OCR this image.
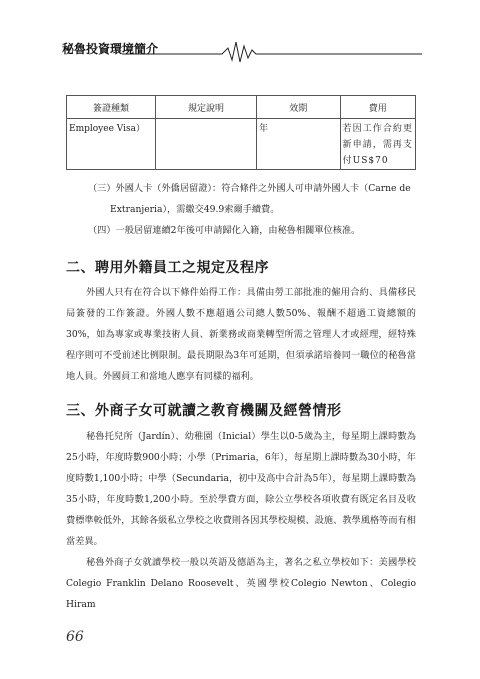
秘魯投資環境簡介
簽證種類	規定說明	效期	費用
Employee Visa）		年	若因工作合約更新申請，需再支付US$70
（三）外國人卡（外僑居留證）：符合條件之外國人可申請外國人卡（Carne de
Extranjeria），需繳交49.9索爾手續費。
（四）一般居留連續2年後可申請歸化入籍，由秘魯相關單位核准。
二、聘用外籍員工之規定及程序

外國人只有在符合以下條件始得工作：具備由勞工部批准的僱用合約、具備移民局簽發的工作簽證。外國人數不應超過公司總人數50%、報酬不超過工資總額的30%，如為專家或專業技術人員、新業務或商業轉型所需之管理人才或經理，經特殊程序則可不受前述比例限制。最長期限為3年可延期，但須承諾培養同一職位的秘魯當地人員。外國員工和當地人應享有同樣的福利。

三、外商子女可就讀之教育機關及經營情形

秘魯托兒所（Jardín）、幼稚園（Inicial）學生以0-5歲為主，每星期上課時數為25小時，年度時數900小時；小學（Primaria，6年），每星期上課時數為30小時，年度時數1,100小時；中學（Secundaria，初中及高中合計為5年），每星期上課時數為35小時，年度時數1,200小時。至於學費方面，除公立學校各項收費有既定名目及收費標準較低外，其餘各級私立學校之收費則各因其學校規模、設施、教學風格等而有相當差異。

秘魯外商子女就讀學校一般以英語及德語為主，著名之私立學校如下：美國學校Colegio Franklin Delano Roosevelt、英國學校Colegio Newton、Colegio Hiram

66
